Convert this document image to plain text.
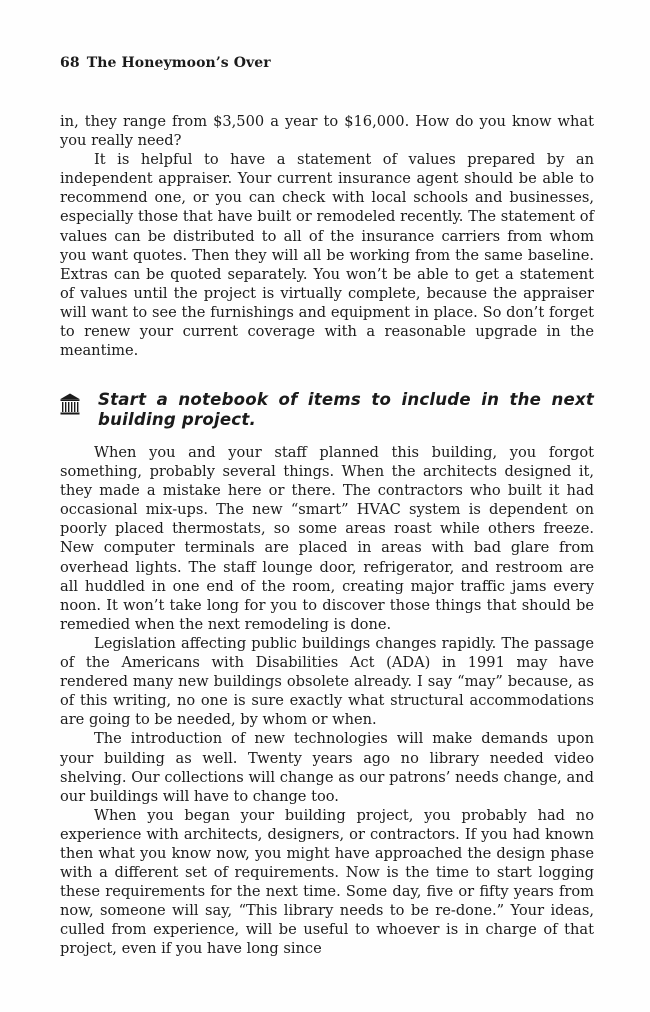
68 The Honeymoon’s Over

in, they range from $3,500 a year to $16,000. How do you know what you really need?

It is helpful to have a statement of values prepared by an independent appraiser. Your current insurance agent should be able to recommend one, or you can check with local schools and businesses, especially those that have built or remodeled recently. The statement of values can be distributed to all of the insurance carriers from whom you want quotes. Then they will all be working from the same baseline. Extras can be quoted separately. You won’t be able to get a statement of values until the project is virtually complete, because the appraiser will want to see the furnishings and equipment in place. So don’t forget to renew your current coverage with a reasonable upgrade in the meantime.

Start a notebook of items to include in the next building project.

When you and your staff planned this building, you forgot something, probably several things. When the architects designed it, they made a mistake here or there. The contractors who built it had occasional mix-ups. The new “smart” HVAC system is dependent on poorly placed thermostats, so some areas roast while others freeze. New computer terminals are placed in areas with bad glare from overhead lights. The staff lounge door, refrigerator, and restroom are all huddled in one end of the room, creating major traffic jams every noon. It won’t take long for you to discover those things that should be remedied when the next remodeling is done.

Legislation affecting public buildings changes rapidly. The passage of the Americans with Disabilities Act (ADA) in 1991 may have rendered many new buildings obsolete already. I say “may” because, as of this writing, no one is sure exactly what structural accommodations are going to be needed, by whom or when.

The introduction of new technologies will make demands upon your building as well. Twenty years ago no library needed video shelving. Our collections will change as our patrons’ needs change, and our buildings will have to change too.

When you began your building project, you probably had no experience with architects, designers, or contractors. If you had known then what you know now, you might have approached the design phase with a different set of requirements. Now is the time to start logging these requirements for the next time. Some day, five or fifty years from now, someone will say, “This library needs to be re-done.” Your ideas, culled from experience, will be useful to whoever is in charge of that project, even if you have long since
